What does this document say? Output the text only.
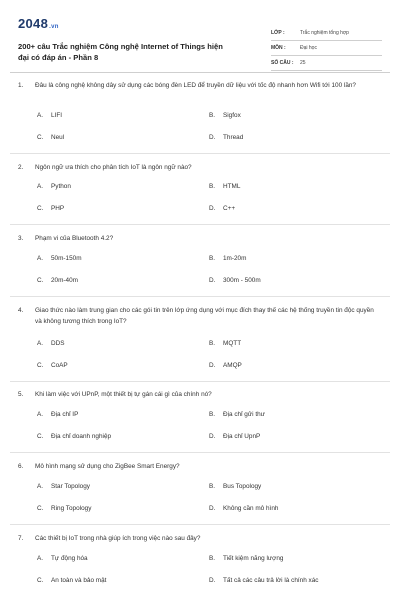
2048.vn
200+ câu Trắc nghiệm Công nghệ Internet of Things hiện đại có đáp án - Phần 8
LỚP :	Trắc nghiệm tổng hợp
MÔN :	Đại học
SỐ CÂU :	25
1.	Đâu là công nghệ không dây sử dụng các bóng đèn LED để truyền dữ liệu với tốc độ nhanh hơn Wifi tới 100 lần?
A.	LIFI	B.	Sigfox
C.	Neul	D.	Thread
2.	Ngôn ngữ ưa thích cho phân tích IoT là ngôn ngữ nào?
A.	Python	B.	HTML
C.	PHP	D.	C++
3.	Phạm vi của Bluetooth 4.2?
A.	50m-150m	B.	1m-20m
C.	20m-40m	D.	300m - 500m
4.	Giao thức nào làm trung gian cho các gói tin trên lớp ứng dụng với mục đích thay thế các hệ thống truyền tin độc quyền và không tương thích trong IoT?
A.	DDS	B.	MQTT
C.	CoAP	D.	AMQP
5.	Khi làm việc với UPnP, một thiết bị tự gán cái gì của chính nó?
A.	Địa chỉ IP	B.	Địa chỉ gửi thư
C.	Địa chỉ doanh nghiệp	D.	Địa chỉ UpnP
6.	Mô hình mạng sử dụng cho ZigBee Smart Energy?
A.	Star Topology	B.	Bus Topology
C.	Ring Topology	D.	Không cần mô hình
7.	Các thiết bị IoT trong nhà giúp ích trong việc nào sau đây?
A.	Tự động hóa	B.	Tiết kiệm năng lượng
C.	An toàn và bảo mật	D.	Tất cả các câu trả lời là chính xác
